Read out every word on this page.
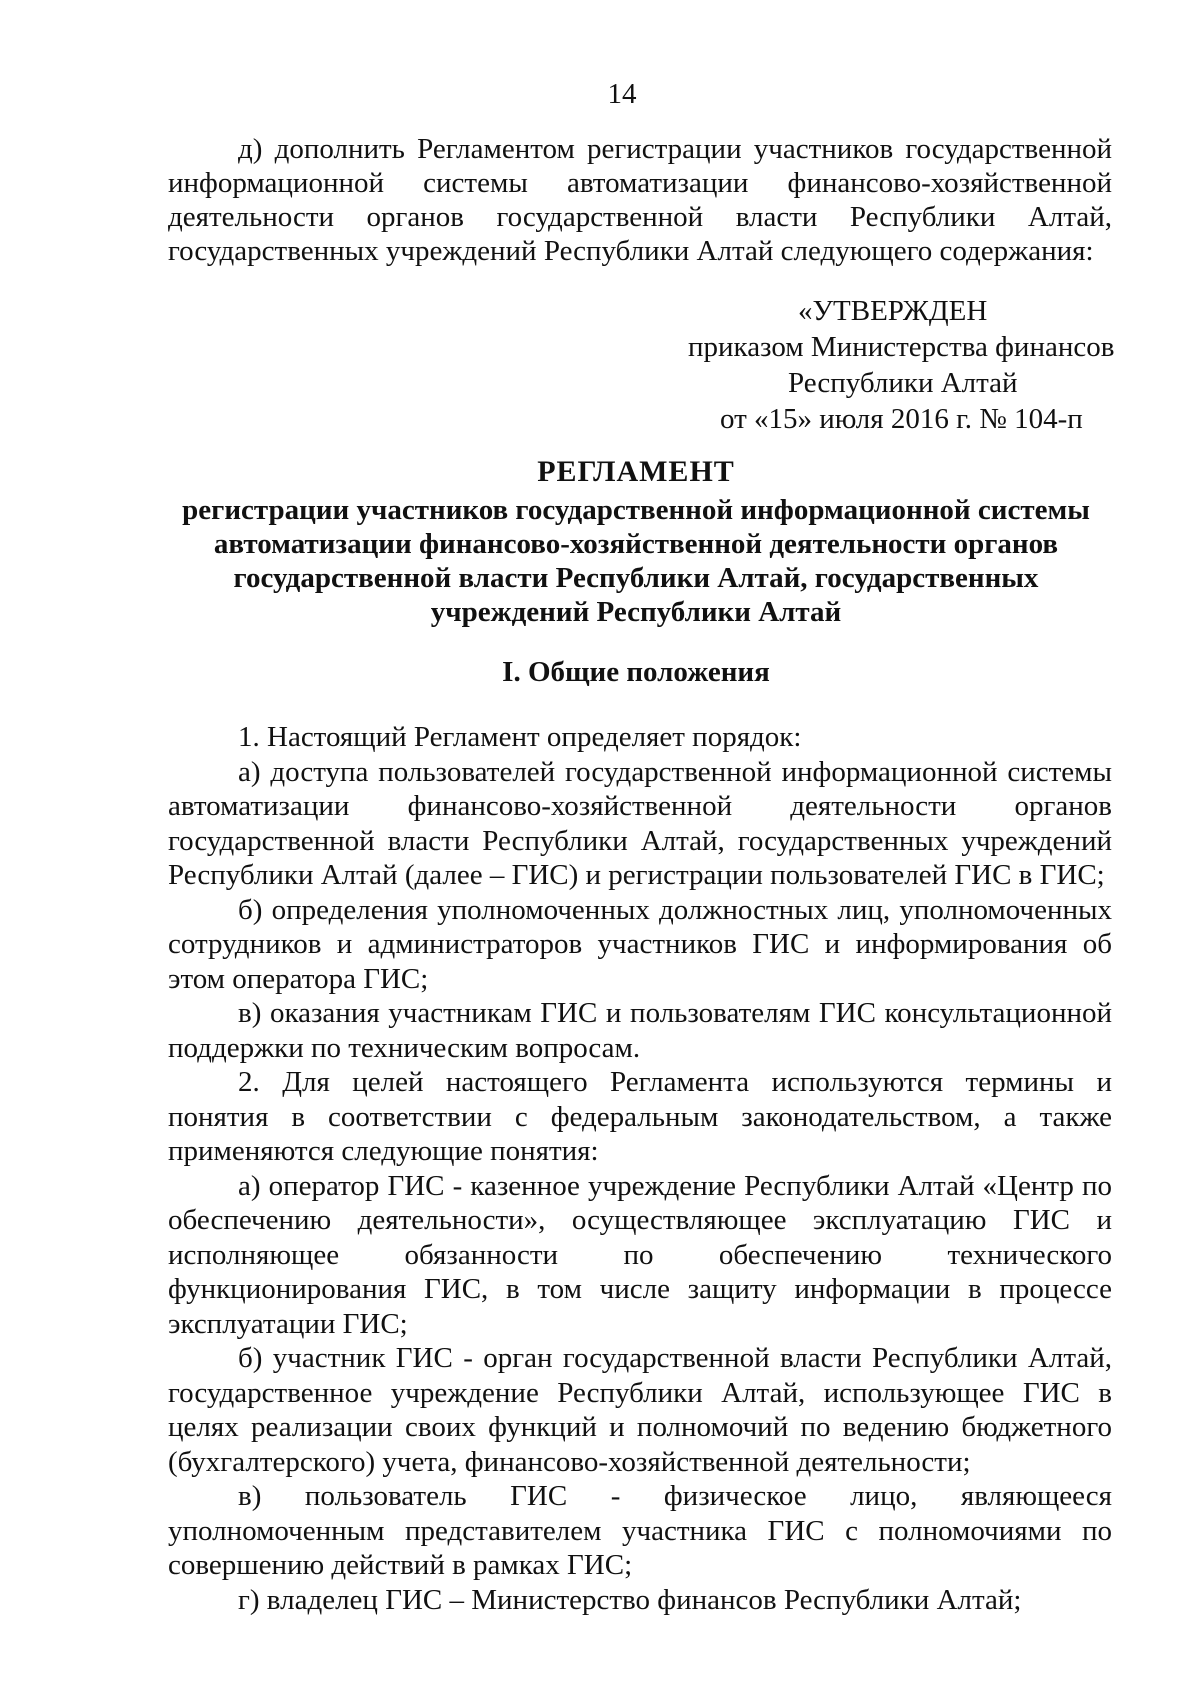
14

д) дополнить Регламентом регистрации участников государственной информационной системы автоматизации финансово-хозяйственной деятельности органов государственной власти Республики Алтай, государственных учреждений Республики Алтай следующего содержания:

«УТВЕРЖДЕН
приказом Министерства финансов
Республики Алтай
от «15» июля 2016 г. № 104-п
РЕГЛАМЕНТ
регистрации участников государственной информационной системы
автоматизации финансово-хозяйственной деятельности органов
государственной власти Республики Алтай, государственных
учреждений Республики Алтай
I. Общие положения

1. Настоящий Регламент определяет порядок:

а) доступа пользователей государственной информационной системы автоматизации финансово-хозяйственной деятельности органов государственной власти Республики Алтай, государственных учреждений Республики Алтай (далее – ГИС) и регистрации пользователей ГИС в ГИС;

б) определения уполномоченных должностных лиц, уполномоченных сотрудников и администраторов участников ГИС и информирования об этом оператора ГИС;

в) оказания участникам ГИС и пользователям ГИС консультационной поддержки по техническим вопросам.

2. Для целей настоящего Регламента используются термины и понятия в соответствии с федеральным законодательством, а также применяются следующие понятия:

а) оператор ГИС - казенное учреждение Республики Алтай «Центр по обеспечению деятельности», осуществляющее эксплуатацию ГИС и исполняющее обязанности по обеспечению технического функционирования ГИС, в том числе защиту информации в процессе эксплуатации ГИС;

б) участник ГИС - орган государственной власти Республики Алтай, государственное учреждение Республики Алтай, использующее ГИС в целях реализации своих функций и полномочий по ведению бюджетного (бухгалтерского) учета, финансово-хозяйственной деятельности;

в) пользователь ГИС - физическое лицо, являющееся уполномоченным представителем участника ГИС с полномочиями по совершению действий в рамках ГИС;

г) владелец ГИС – Министерство финансов Республики Алтай;
